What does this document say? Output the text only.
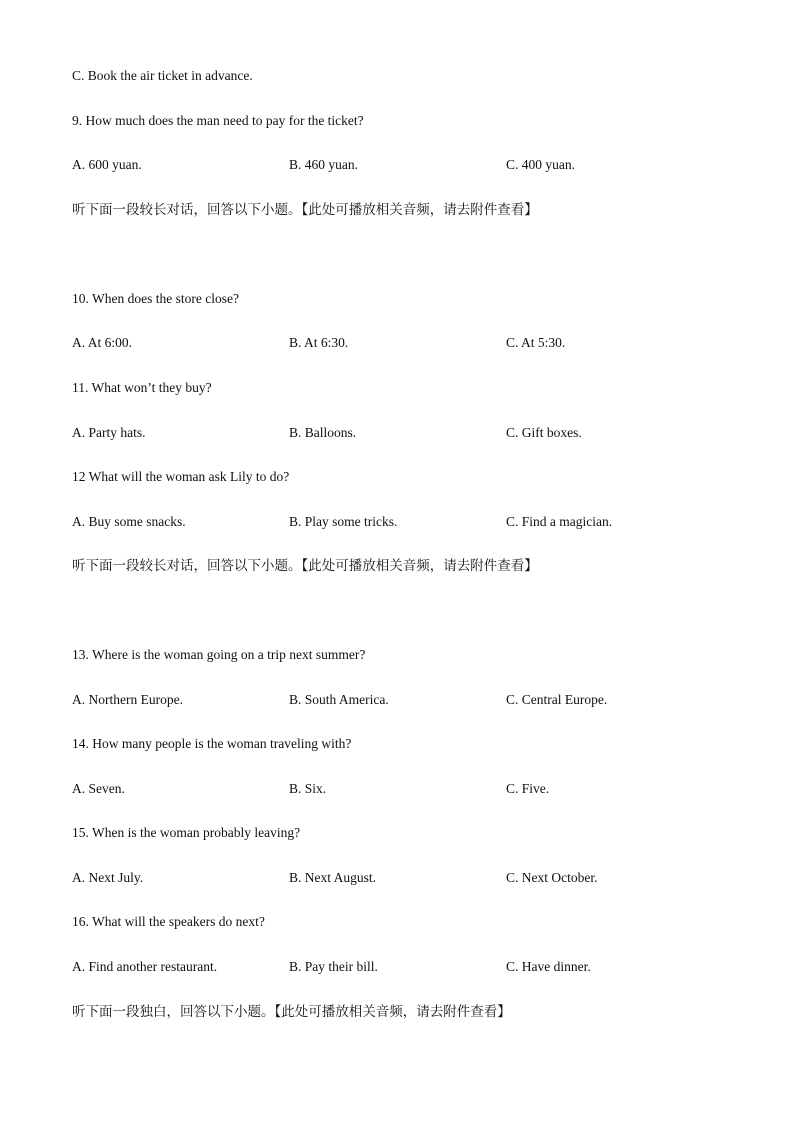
C. Book the air ticket in advance.
9. How much does the man need to pay for the ticket?
A. 600 yuan.	B. 460 yuan.	C. 400 yuan.
听下面一段较长对话，回答以下小题。【此处可播放相关音频，请去附件查看】
10. When does the store close?
A. At 6:00.	B. At 6:30.	C. At 5:30.
11. What won’t they buy?
A. Party hats.	B. Balloons.	C. Gift boxes.
12 What will the woman ask Lily to do?
A. Buy some snacks.	B. Play some tricks.	C. Find a magician.
听下面一段较长对话，回答以下小题。【此处可播放相关音频，请去附件查看】
13. Where is the woman going on a trip next summer?
A. Northern Europe.	B. South America.	C. Central Europe.
14. How many people is the woman traveling with?
A. Seven.	B. Six.	C. Five.
15. When is the woman probably leaving?
A. Next July.	B. Next August.	C. Next October.
16. What will the speakers do next?
A. Find another restaurant.	B. Pay their bill.	C. Have dinner.
听下面一段独白，回答以下小题。【此处可播放相关音频，请去附件查看】
